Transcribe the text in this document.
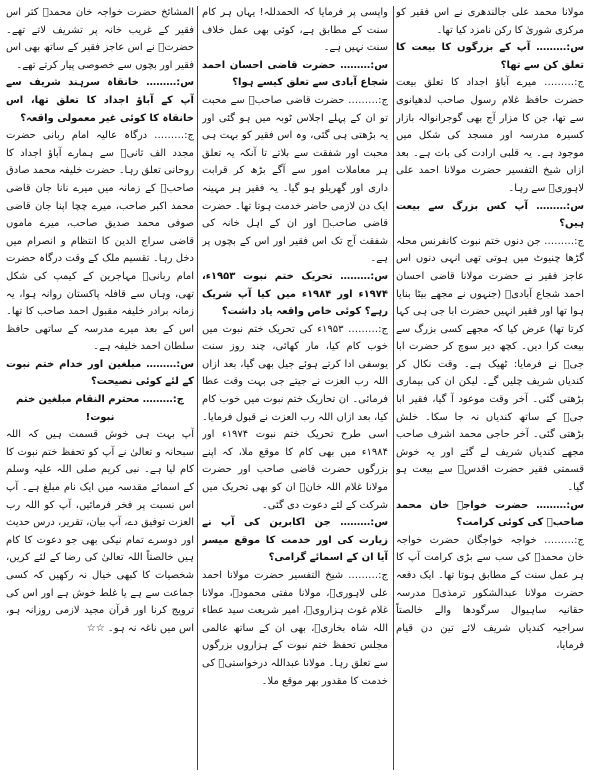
مولانا محمد علی جالندھری نے اس فقیر کو مرکزی شوریٰ کا رکن نامزد کیا تھا۔

س:……… آپ کے بزرگوں کا بیعت کا تعلق کن سے تھا؟

ج:……… میرے آباؤ اجداد کا تعلق بیعت حضرت حافظ غلام رسول صاحب لدھیانوی سے تھا، جن کا مزار آج بھی گوجرانوالہ بازار کسیرہ مدرسہ اور مسجد کی شکل میں موجود ہے۔ یہ قلبی ارادت کی بات ہے۔ بعد ازاں شیخ التفسیر حضرت مولانا احمد علی لاہوریؒ سے رہا۔

س:……… آپ کس بزرگ سے بیعت ہیں؟

ج:……… جن دنوں ختم نبوت کانفرنس محلہ گڑھا چنیوٹ میں ہوتی تھی انہی دنوں اس عاجز فقیر نے حضرت مولانا قاضی احسان احمد شجاع آبادیؒ (جنہوں نے مجھے بیٹا بنایا ہوا تھا اور فقیر انہیں حضرت ابا جی ہی کہا کرتا تھا) عرض کیا کہ مجھے کسی بزرگ سے بیعت کرا دیں۔ کچھ دیر سوچ کر حضرت ابا جیؒ نے فرمایا: ٹھیک ہے۔ وقت نکال کر کندیاں شریف چلیں گے۔ لیکن ان کی بیماری بڑھتی گئی۔ آخر وقت موعود آ گیا، فقیر ابا جیؒ کے ساتھ کندیاں نہ جا سکا۔ خلش بڑھتی گئی۔ آخر حاجی محمد اشرف صاحب مجھے کندیاں شریف لے گئے اور یہ خوش قسمتی فقیر حضرت اقدسؒ سے بیعت ہو گیا۔

س:……… حضرت خواجہ خان محمد صاحبؒ کی کوئی کرامت؟

ج:……… خواجہ خواجگان حضرت خواجہ خان محمدؒ کی سب سے بڑی کرامت آپ کا ہر عمل سنت کے مطابق ہوتا تھا۔ ایک دفعہ حضرت مولانا عبدالشکور ترمذیؒ مدرسہ حقانیہ ساہیوال سرگودھا والے خالصتاً سراجیہ کندیاں شریف لائے تین دن قیام فرمایا،

واپسی پر فرمایا کہ الحمدللہ! یہاں ہر کام سنت کے مطابق ہے، کوئی بھی عمل خلاف سنت نہیں ہے۔

س:……… حضرت قاضی احسان احمد شجاع آبادی سے تعلق کیسے ہوا؟

ج:……… حضرت قاضی صاحبؒ سے محبت تو ان کے پہلے اجلاس ٹوبہ میں ہو گئی اور یہ بڑھتی ہی گئی، وہ اس فقیر کو بہت ہی محبت اور شفقت سے بلاتے تا آنکہ یہ تعلق ہر معاملات امور سے آگے بڑھ کر قرابت داری اور گھریلو ہو گیا۔ یہ فقیر ہر مہینہ ایک دن لازمی حاضر خدمت ہوتا تھا۔ حضرت قاضی صاحبؒ اور ان کے اہل خانہ کی شفقت آج تک اس فقیر اور اس کے بچوں پر ہے۔

س:……… تحریک ختم نبوت ۱۹۵۳ء، ۱۹۷۴ء اور ۱۹۸۴ء میں کیا آپ شریک رہے؟ کوئی خاص واقعہ یاد داشت؟

ج:……… ۱۹۵۳ء کی تحریک ختم نبوت میں خوب کام کیا، مار کھائی، چند روز سنت یوسفی ادا کرتے ہوئے جیل بھی گیا، بعد ازاں اللہ رب العزت نے جیتے جی بہت وقت عطا فرمائی۔ ان تحاریک ختم نبوت میں خوب کام کیا، بعد ازاں اللہ رب العزت نے قبول فرمایا۔ اسی طرح تحریک ختم نبوت ۱۹۷۴ء اور ۱۹۸۴ء میں بھی کام کا موقع ملا، کہ اپنے بزرگوں حضرت قاضی صاحب اور حضرت مولانا غلام اللہ خانؒ ان کو بھی تحریک میں شرکت کے لئے دعوت دی گئی۔

س:……… جن اکابرین کی آپ نے زیارت کی اور خدمت کا موقع میسر آیا ان کے اسمائے گرامی؟

ج:……… شیخ التفسیر حضرت مولانا احمد علی لاہوریؒ، مولانا مفتی محمودؒ، مولانا غلام غوث ہزارویؒ، امیر شریعت سید عطاء اللہ شاہ بخاریؒ، بھی ان کے ساتھ عالمی مجلس تحفظ ختم نبوت کے ہزاروں بزرگوں سے تعلق رہا۔ مولانا عبداللہ درخواستیؒ کی خدمت کا مقدور بھر موقع ملا۔

المشائخ حضرت خواجہ خان محمدؒ کثر اس فقیر کے غریب خانہ پر تشریف لاتے تھے۔ حضرتؒ نے اس عاجز فقیر کے ساتھ بھی اس فقیر اور بچوں سے خصوصی پیار کرتے تھے۔

س:……… خانقاہ سرہند شریف سے آپ کے آباؤ اجداد کا تعلق تھا، اس خانقاہ کا کوئی غیر معمولی واقعہ؟

ج:……… درگاہ عالیہ امام ربانی حضرت مجدد الف ثانیؒ سے ہمارے آباؤ اجداد کا روحانی تعلق رہا۔ حضرت خلیفہ محمد صادق صاحبؒ کے زمانہ میں میرے نانا جان قاضی محمد اکبر صاحب، میرے چچا اپنا جان قاضی صوفی محمد صدیق صاحب، میرے ماموں قاضی سراج الدین کا انتظام و انصرام میں دخل رہا۔ تقسیم ملک کے وقت درگاہ حضرت امام ربانیؒ مہاجرین کے کیمپ کی شکل تھی، وہاں سے قافلہ پاکستان روانہ ہوا، یہ زمانہ برادر خلیفہ مقبول احمد صاحب کا تھا۔ اس کے بعد میرے مدرسہ کے ساتھی حافظ سلطان احمد خلیفہ ہے۔

س:……… مبلغین اور خدام ختم نبوت کے لئے کوئی نصیحت؟

ج:……… محترم النقام مبلغین ختم نبوت!

آپ بہت ہی خوش قسمت ہیں کہ اللہ سبحانہ و تعالیٰ نے آپ کو تحفظ ختم نبوت کا کام لیا ہے۔ نبی کریم صلی اللہ علیہ وسلم کے اسمائے مقدسہ میں ایک نام مبلغ ہے۔ آپ اس نسبت پر فخر فرمائیں، آپ کو اللہ رب العزت توفیق دے، آپ بیان، تقریر، درس حدیث اور دوسرے تمام نیکی بھی جو دعوت کا کام ہیں خالصتاً اللہ تعالیٰ کی رضا کے لئے کریں، شخصیات کا کبھی خیال نہ رکھیں کہ کسی جماعت سے ہے یا غلط خوش ہے اور اس کی ترویج کرنا اور قرآن مجید لازمی روزانہ ہو، اس میں ناغہ نہ ہو۔ ☆☆
